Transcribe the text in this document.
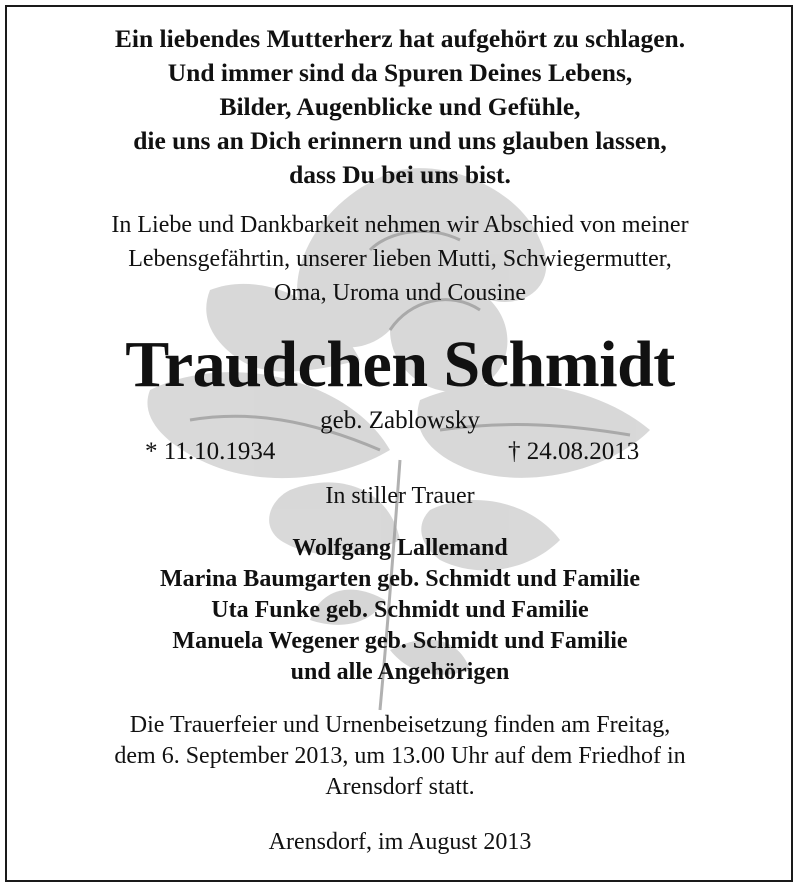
Ein liebendes Mutterherz hat aufgehört zu schlagen.
Und immer sind da Spuren Deines Lebens,
Bilder, Augenblicke und Gefühle,
die uns an Dich erinnern und uns glauben lassen,
dass Du bei uns bist.
In Liebe und Dankbarkeit nehmen wir Abschied von meiner
Lebensgefährtin, unserer lieben Mutti, Schwiegermutter,
Oma, Uroma und Cousine
Traudchen Schmidt
geb. Zablowsky
* 11.10.1934	† 24.08.2013
In stiller Trauer
Wolfgang Lallemand
Marina Baumgarten geb. Schmidt und Familie
Uta Funke geb. Schmidt und Familie
Manuela Wegener geb. Schmidt und Familie
und alle Angehörigen
Die Trauerfeier und Urnenbeisetzung finden am Freitag,
dem 6. September 2013, um 13.00 Uhr auf dem Friedhof in
Arensdorf statt.
Arensdorf, im August 2013
